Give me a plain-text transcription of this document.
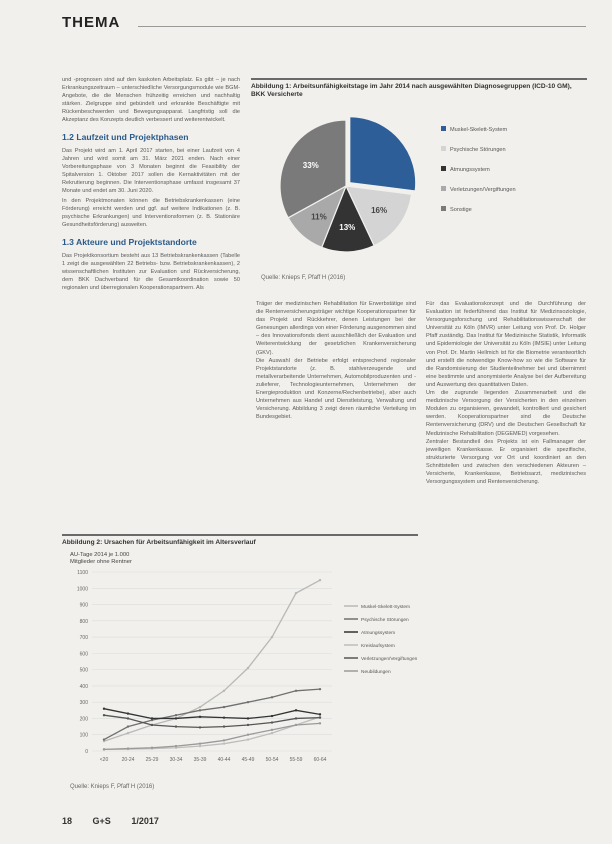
THEMA

und -prognosen sind auf den kaskoten Arbeitsplatz. Es gibt – je nach Erkrankungszeitraum – unterschiedliche Versorgungsmodule wie BGM-Angebote, die die Menschen frühzeitig erreichen und nachhaltig stärken. Zielgruppe sind gebündelt und erkrankte Beschäftigte mit Rückenbeschwerden und Bewegungsapparat. Langfristig soll die Akzeptanz des Konzepts deutlich verbessert und weiterentwickelt.

1.2 Laufzeit und Projektphasen

Das Projekt wird am 1. April 2017 starten, bei einer Laufzeit von 4 Jahren und wird somit am 31. März 2021 enden. Nach einer Vorbereitungsphase von 3 Monaten beginnt die Feasibility der Spitalversion 1. Oktober 2017 sollen die Kernaktivitäten mit der Rekrutierung beginnen. Die Interventionsphase umfasst insgesamt 37 Monate und endet am 30. Juni 2020.

In den Projektmonaten können die Betriebskrankenkassen (eine Förderung) erreicht werden und ggf. auf weitere Indikationen (z. B. psychische Erkrankungen) und Interventionsformen (z. B. Stationäre Gesundheitsförderung) ausweiten.

1.3 Akteure und Projektstandorte

Das Projektkonsortium besteht aus 13 Betriebskrankenkassen (Tabelle 1 zeigt die ausgewählten 22 Betriebs- bzw. Betriebskrankenkassen), 2 wissenschaftlichen Instituten zur Evaluation und Rückversicherung, dem BKK Dachverband für die Gesamtkoordination sowie 50 regionalen und überregionalen Kooperationspartnern. Als

Träger der medizinischen Rehabilitation für Erwerbstätige sind die Rentenversicherungsträger wichtige Kooperationspartner für das Projekt und Rückkehrer, denen Leistungen bei der Genesungen allerdings von einer Förderung ausgenommen sind – des Innovationsfonds dient ausschließlich der Evaluation und Weiterentwicklung der gesetzlichen Krankenversicherung (GKV).
Die Auswahl der Betriebe erfolgt entsprechend regionaler Projektstandorte (z. B. stahlverzeugende und metallverarbeitende Unternehmen, Automobilproduzenten und -zulieferer, Technologieunternehmen, Unternehmen der Energieproduktion und Konzerne/Rechenbetriebe), aber auch Unternehmen aus Handel und Dienstleistung, Verwaltung und Versicherung. Abbildung 3 zeigt deren räumliche Verteilung im Bundesgebiet.
Für das Evaluationskonzept und die Durchführung der Evaluation ist federführend das Institut für Medizinsoziologie, Versorgungsforschung und Rehabilitationswissenschaft der Universität zu Köln (IMVR) unter Leitung von Prof. Dr. Holger Pfaff zuständig. Das Institut für Medizinische Statistik, Informatik und Epidemiologie der Universität zu Köln (IMSIE) unter Leitung von Prof. Dr. Martin Hellmich ist für die Biometrie verantwortlich und erstellt die notwendige Know-how so wie die Software für die Randomisierung der Studienteilnehmer bei und übernimmt eine bestimmte und anonymisierte Analyse bei der Aufbereitung und Auswertung des quantitativen Daten.
Um die zugrunde liegenden Zusammenarbeit und die medizinische Versorgung der Versicherten in den einzelnen Modulen zu organisieren, gewandelt, kontrolliert und gesichert werden. Kooperationspartner sind die Deutsche Rentenversicherung (DRV) und die Deutschen Gesellschaft für Medizinische Rehabilitation (DEGEMED) vorgesehen.
Zentraler Bestandteil des Projekts ist ein Fallmanager der jeweiligen Krankenkasse. Er organisiert die spezifische, strukturierte Versorgung vor Ort und koordiniert an den Schnittstellen und zwischen den verschiedenen Akteuren – Versicherte, Krankenkasse, Betriebsarzt, medizinisches Versorgungssystem und Rentenversicherung.
Abbildung 1: Arbeitsunfähigkeitstage im Jahr 2014 nach ausgewählten Diagnosegruppen (ICD-10 GM), BKK Versicherte
16%
13%
11%
33%
Muskel-Skelett-System
Psychische Störungen
Atmungssystem
Verletzungen/Vergiftungen
Sonstige
Quelle: Knieps F, Pfaff H (2016)
Abbildung 2: Ursachen für Arbeitsunfähigkeit im Altersverlauf
AU-Tage 2014 je 1.000
Mitglieder ohne Rentner
1100
1000
900
800
700
600
500
400
300
200
100
0
<20	20-24 25-29 30-34 35-39 40-44 45-49 50-54 55-59 60-64
Muskel-Skelett-System
Psychische Störungen
Atmungssystem
Kreislaufsystem
Verletzungen/Vergiftungen
Neubildungen
Quelle: Knieps F, Pfaff H (2016)
18 G+S 1/2017
